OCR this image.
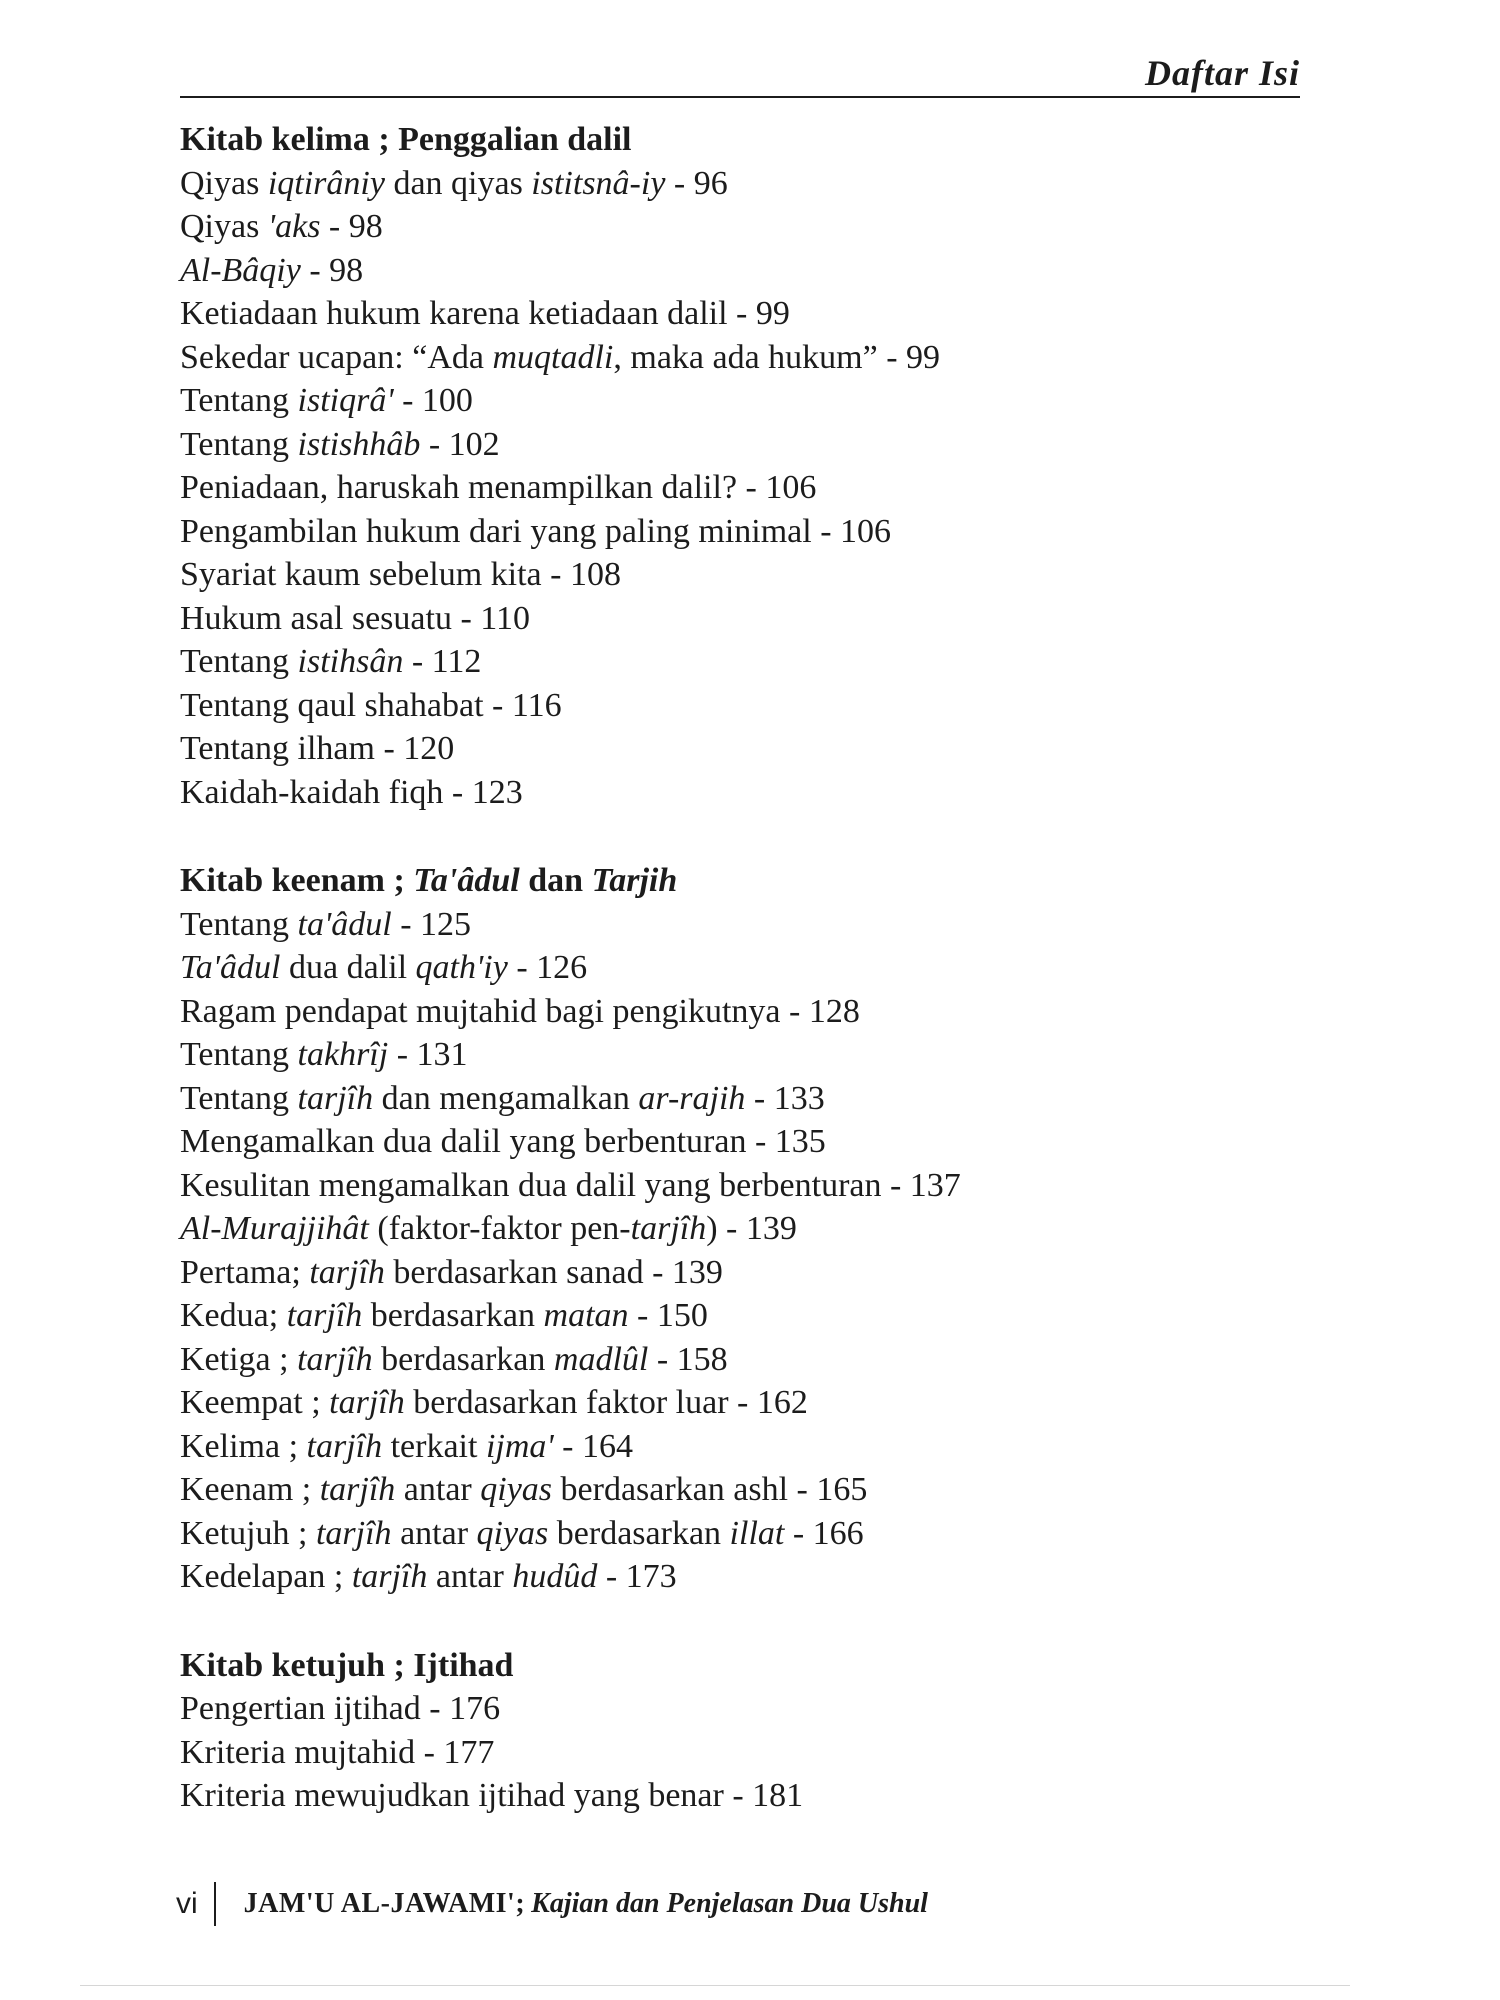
Daftar Isi
Kitab kelima ; Penggalian dalil
Qiyas iqtirâniy dan qiyas istitsnâ-iy - 96
Qiyas 'aks - 98
Al-Bâqiy - 98
Ketiadaan hukum karena ketiadaan dalil - 99
Sekedar ucapan: “Ada muqtadli, maka ada hukum” - 99
Tentang istiqrâ' - 100
Tentang istishhâb - 102
Peniadaan, haruskah menampilkan dalil? - 106
Pengambilan hukum dari yang paling minimal - 106
Syariat kaum sebelum kita - 108
Hukum asal sesuatu - 110
Tentang istihsân - 112
Tentang qaul shahabat - 116
Tentang ilham - 120
Kaidah-kaidah fiqh - 123
Kitab keenam ; Ta'âdul dan Tarjih
Tentang ta'âdul - 125
Ta'âdul dua dalil qath'iy - 126
Ragam pendapat mujtahid bagi pengikutnya - 128
Tentang takhrîj - 131
Tentang tarjîh dan mengamalkan ar-rajih - 133
Mengamalkan dua dalil yang berbenturan - 135
Kesulitan mengamalkan dua dalil yang berbenturan - 137
Al-Murajjihât (faktor-faktor pen-tarjîh) - 139
Pertama; tarjîh berdasarkan sanad - 139
Kedua; tarjîh berdasarkan matan - 150
Ketiga ; tarjîh berdasarkan madlûl - 158
Keempat ; tarjîh berdasarkan faktor luar - 162
Kelima ; tarjîh terkait ijma' - 164
Keenam ; tarjîh antar qiyas berdasarkan ashl - 165
Ketujuh ; tarjîh antar qiyas berdasarkan illat - 166
Kedelapan ; tarjîh antar hudûd - 173
Kitab ketujuh ; Ijtihad
Pengertian ijtihad - 176
Kriteria mujtahid - 177
Kriteria mewujudkan ijtihad yang benar - 181
vi JAM'U AL-JAWAMI'; Kajian dan Penjelasan Dua Ushul
